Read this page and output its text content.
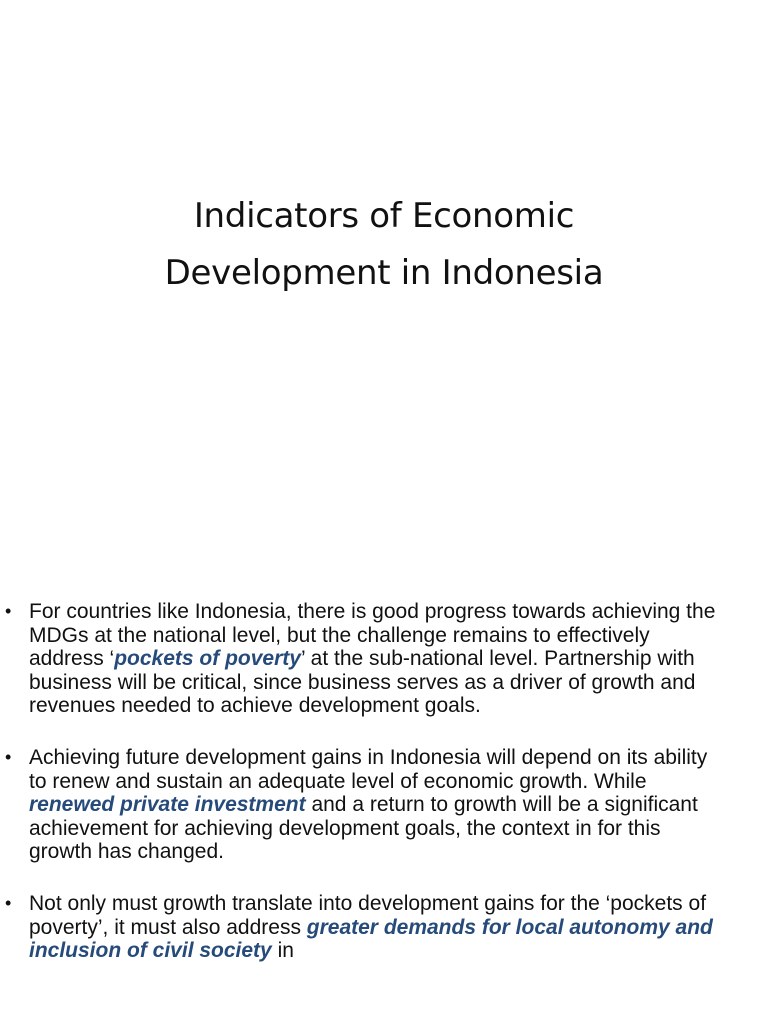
Indicators of Economic
Development in Indonesia
• For countries like Indonesia, there is good progress towards achieving the MDGs at the national level, but the challenge remains to effectively address ‘pockets of poverty’ at the sub-national level. Partnership with business will be critical, since business serves as a driver of growth and revenues needed to achieve development goals.
• Achieving future development gains in Indonesia will depend on its ability to renew and sustain an adequate level of economic growth. While renewed private investment and a return to growth will be a significant achievement for achieving development goals, the context in for this growth has changed.
• Not only must growth translate into development gains for the ‘pockets of poverty’, it must also address greater demands for local autonomy and inclusion of civil society in
